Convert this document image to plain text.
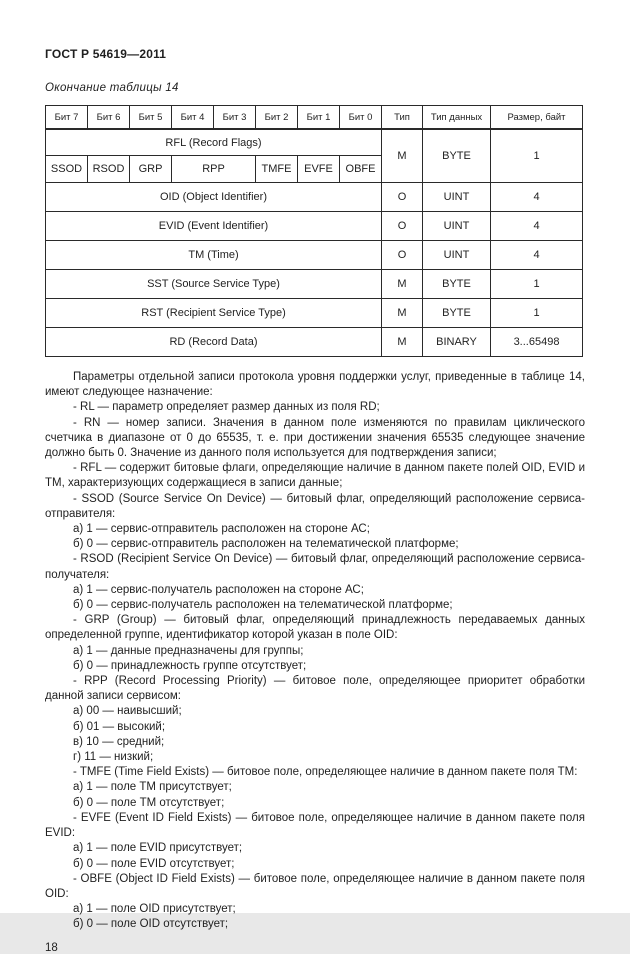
ГОСТ Р 54619—2011
Окончание таблицы 14
Бит 7	Бит 6	Бит 5	Бит 4	Бит 3	Бит 2	Бит 1	Бит 0	Тип	Тип данных	Размер, байт
RFL (Record Flags)								M	BYTE	1
SSOD	RSOD	GRP	RPP		TMFE	EVFE	OBFE			
OID (Object Identifier)								O	UINT	4
EVID (Event Identifier)								O	UINT	4
TM (Time)								O	UINT	4
SST (Source Service Type)								M	BYTE	1
RST (Recipient Service Type)								M	BYTE	1
RD (Record Data)								M	BINARY	3...65498

Параметры отдельной записи протокола уровня поддержки услуг, приведенные в таблице 14, имеют следующее назначение:

- RL — параметр определяет размер данных из поля RD;

- RN — номер записи. Значения в данном поле изменяются по правилам циклического счетчика в диапазоне от 0 до 65535, т. е. при достижении значения 65535 следующее значение должно быть 0. Значение из данного поля используется для подтверждения записи;

- RFL — содержит битовые флаги, определяющие наличие в данном пакете полей OID, EVID и TM, характеризующих содержащиеся в записи данные;

- SSOD (Source Service On Device) — битовый флаг, определяющий расположение сервиса-отправителя:

а) 1 — сервис-отправитель расположен на стороне АС;

б) 0 — сервис-отправитель расположен на телематической платформе;

- RSOD (Recipient Service On Device) — битовый флаг, определяющий расположение сервиса-получателя:

а) 1 — сервис-получатель расположен на стороне АС;

б) 0 — сервис-получатель расположен на телематической платформе;

- GRP (Group) — битовый флаг, определяющий принадлежность передаваемых данных определенной группе, идентификатор которой указан в поле OID:

а) 1 — данные предназначены для группы;

б) 0 — принадлежность группе отсутствует;

- RPP (Record Processing Priority) — битовое поле, определяющее приоритет обработки данной записи сервисом:

а) 00 — наивысший;

б) 01 — высокий;

в) 10 — средний;

г) 11 — низкий;

- TMFE (Time Field Exists) — битовое поле, определяющее наличие в данном пакете поля TM:

а) 1 — поле TM присутствует;

б) 0 — поле TM отсутствует;

- EVFE (Event ID Field Exists) — битовое поле, определяющее наличие в данном пакете поля EVID:

а) 1 — поле EVID присутствует;

б) 0 — поле EVID отсутствует;

- OBFE (Object ID Field Exists) — битовое поле, определяющее наличие в данном пакете поля OID:

а) 1 — поле OID присутствует;

б) 0 — поле OID отсутствует;

18
